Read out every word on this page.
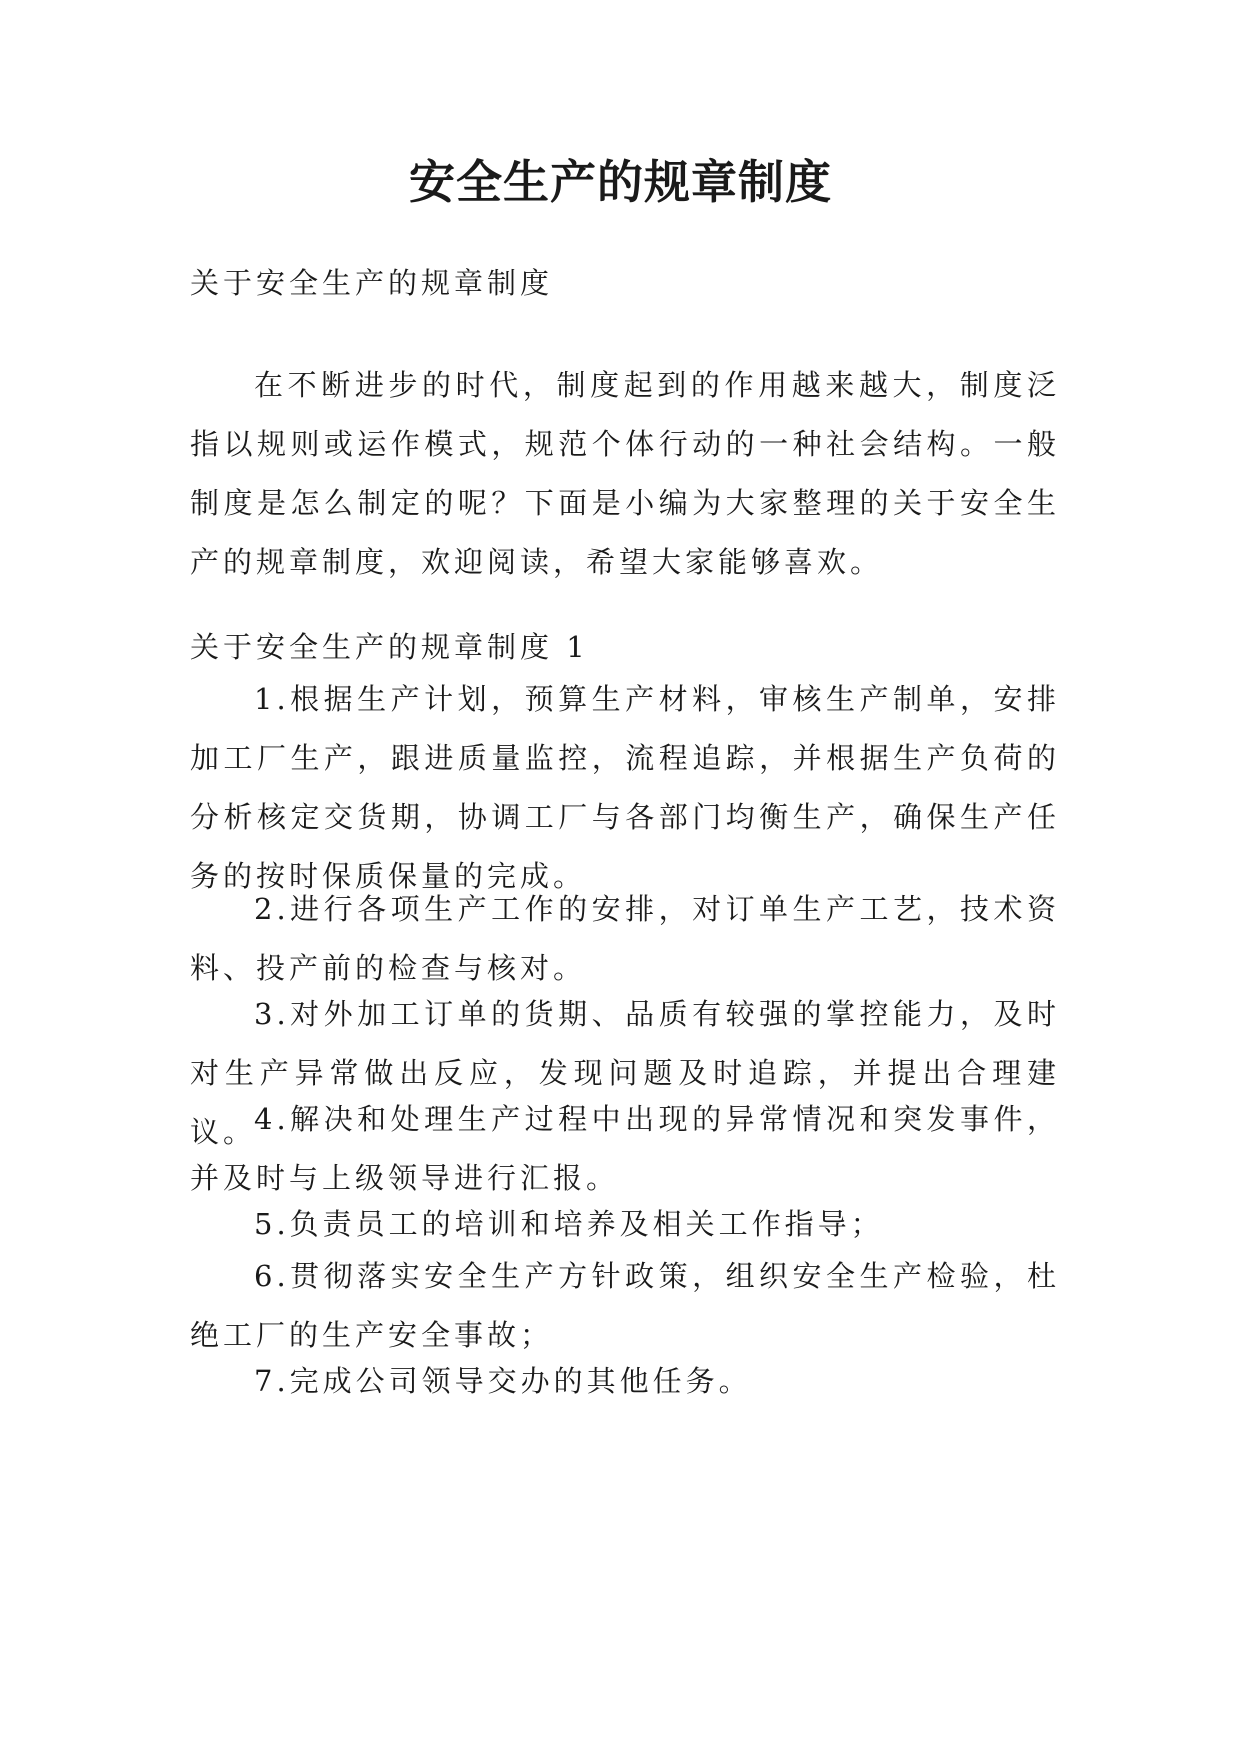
安全生产的规章制度
关于安全生产的规章制度
在不断进步的时代，制度起到的作用越来越大，制度泛指以规则或运作模式，规范个体行动的一种社会结构。一般制度是怎么制定的呢？下面是小编为大家整理的关于安全生产的规章制度，欢迎阅读，希望大家能够喜欢。
关于安全生产的规章制度 1
1.根据生产计划，预算生产材料，审核生产制单，安排加工厂生产，跟进质量监控，流程追踪，并根据生产负荷的分析核定交货期，协调工厂与各部门均衡生产，确保生产任务的按时保质保量的完成。
2.进行各项生产工作的安排，对订单生产工艺，技术资料、投产前的检查与核对。
3.对外加工订单的货期、品质有较强的掌控能力，及时对生产异常做出反应，发现问题及时追踪，并提出合理建议。
4.解决和处理生产过程中出现的异常情况和突发事件，并及时与上级领导进行汇报。
5.负责员工的培训和培养及相关工作指导；
6.贯彻落实安全生产方针政策，组织安全生产检验，杜绝工厂的生产安全事故；
7.完成公司领导交办的其他任务。
